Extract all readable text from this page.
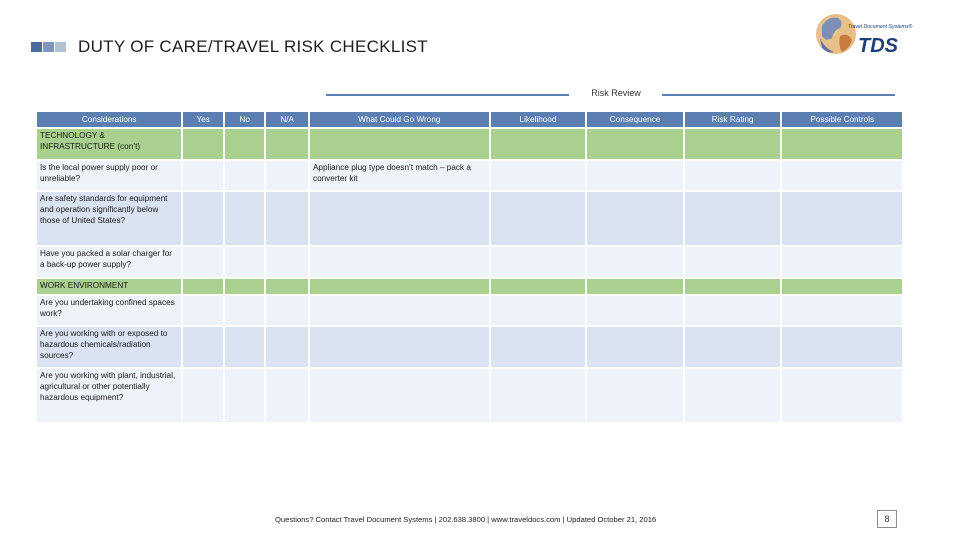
DUTY OF CARE/TRAVEL RISK CHECKLIST
Travel Document Systems®
TDS
Risk Review
Considerations	Yes	No	N/A	What Could Go Wrong	Likelihood	Consequence	Risk Rating	Possible Controls
TECHNOLOGY & INFRASTRUCTURE (con’t)								
Is the local power supply poor or unreliable?				Appliance plug type doesn’t match – pack a converter kit				
Are safety standards for equipment and operation significantly below those of United States?								
Have you packed a solar charger for a back-up power supply?								
WORK ENVIRONMENT								
Are you undertaking confined spaces work?								
Are you working with or exposed to hazardous chemicals/radiation sources?								
Are you working with plant, industrial, agricultural or other potentially hazardous equipment?								
Questions? Contact Travel Document Systems | 202.638.3800 | www.traveldocs.com | Updated October 21, 2016	8
